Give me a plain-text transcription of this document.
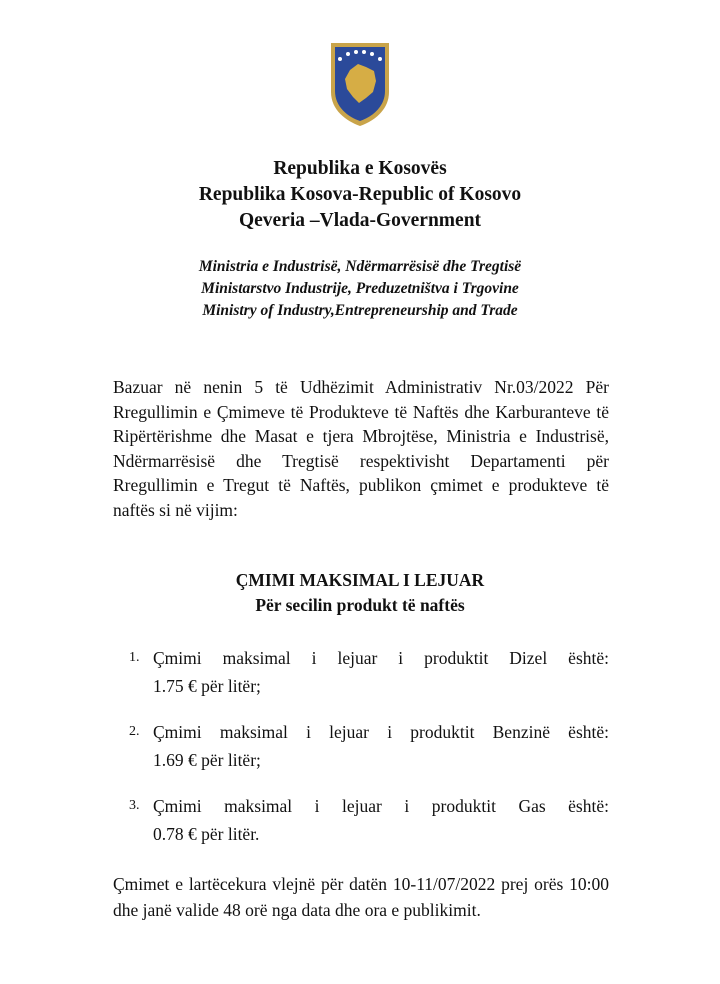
Republika e Kosovës
Republika Kosova-Republic of Kosovo
Qeveria –Vlada-Government
Ministria e Industrisë, Ndërmarrësisë dhe Tregtisë
Ministarstvo Industrije, Preduzetništva i Trgovine
Ministry of Industry,Entrepreneurship and Trade

Bazuar në nenin 5 të Udhëzimit Administrativ Nr.03/2022 Për Rregullimin e Çmimeve të Produkteve të Naftës dhe Karburanteve të Ripërtërishme dhe Masat e tjera Mbrojtëse, Ministria e Industrisë, Ndërmarrësisë dhe Tregtisë respektivisht Departamenti për Rregullimin e Tregut të Naftës, publikon çmimet e produkteve të naftës si në vijim:

ÇMIMI MAKSIMAL I LEJUAR
Për secilin produkt të naftës
1. Çmimi maksimal i lejuar i produktit Dizel është:
1.75 € për litër;
2. Çmimi maksimal i lejuar i produktit Benzinë është:
1.69 € për litër;
3. Çmimi maksimal i lejuar i produktit Gas është:
0.78 € për litër.

Çmimet e lartëcekura vlejnë për datën 10-11/07/2022 prej orës 10:00 dhe janë valide 48 orë nga data dhe ora e publikimit.
